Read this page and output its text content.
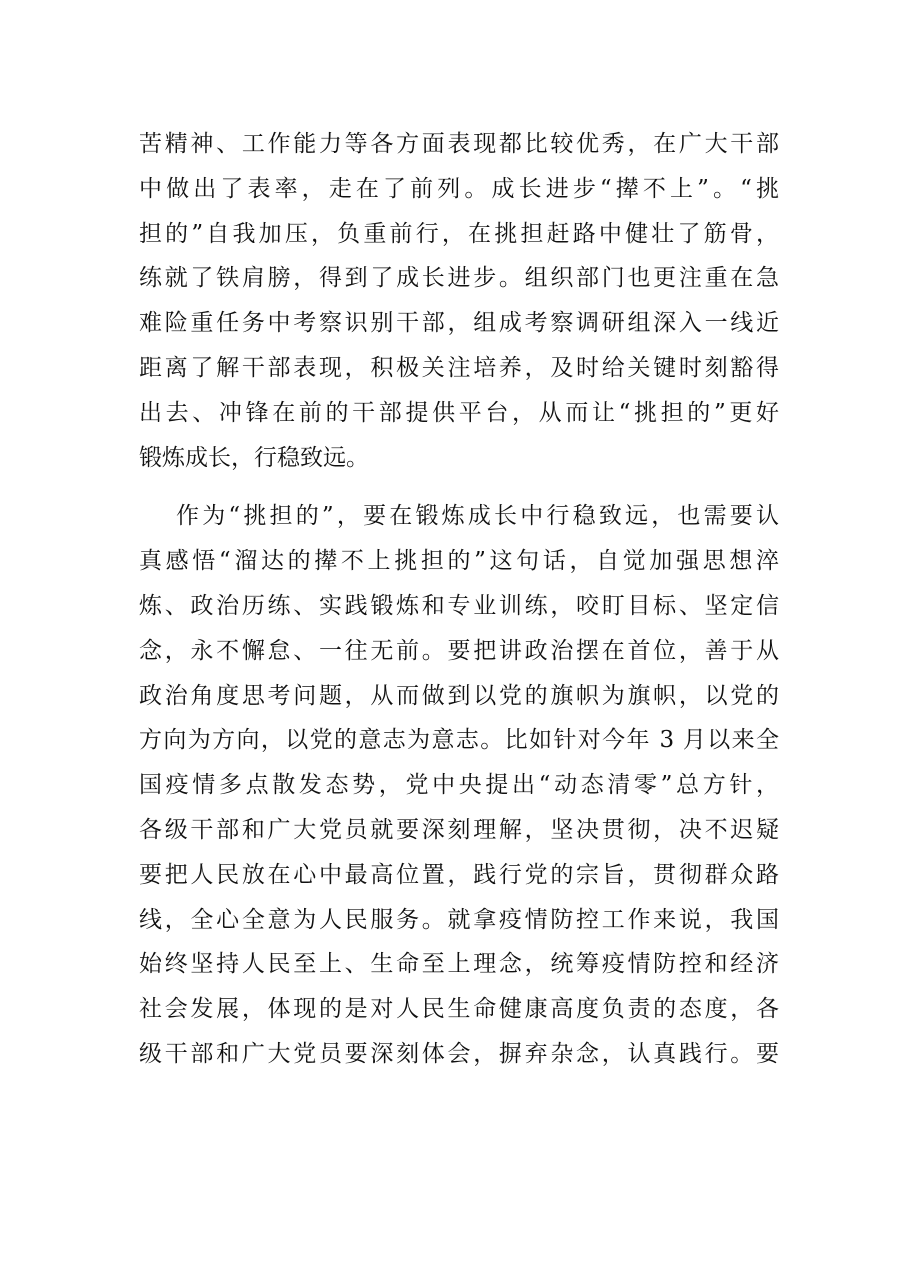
苦精神、工作能力等各方面表现都比较优秀，在广大干部
中做出了表率，走在了前列。成长进步“撵不上”。“挑
担的”自我加压，负重前行，在挑担赶路中健壮了筋骨，
练就了铁肩膀，得到了成长进步。组织部门也更注重在急
难险重任务中考察识别干部，组成考察调研组深入一线近
距离了解干部表现，积极关注培养，及时给关键时刻豁得
出去、冲锋在前的干部提供平台，从而让“挑担的”更好
锻炼成长，行稳致远。
作为“挑担的”，要在锻炼成长中行稳致远，也需要认
真感悟“溜达的撵不上挑担的”这句话，自觉加强思想淬
炼、政治历练、实践锻炼和专业训练，咬盯目标、坚定信
念，永不懈怠、一往无前。要把讲政治摆在首位，善于从
政治角度思考问题，从而做到以党的旗帜为旗帜，以党的
方向为方向，以党的意志为意志。比如针对今年 3 月以来全
国疫情多点散发态势，党中央提出“动态清零”总方针，
各级干部和广大党员就要深刻理解，坚决贯彻，决不迟疑
要把人民放在心中最高位置，践行党的宗旨，贯彻群众路
线，全心全意为人民服务。就拿疫情防控工作来说，我国
始终坚持人民至上、生命至上理念，统筹疫情防控和经济
社会发展，体现的是对人民生命健康高度负责的态度，各
级干部和广大党员要深刻体会，摒弃杂念，认真践行。要
